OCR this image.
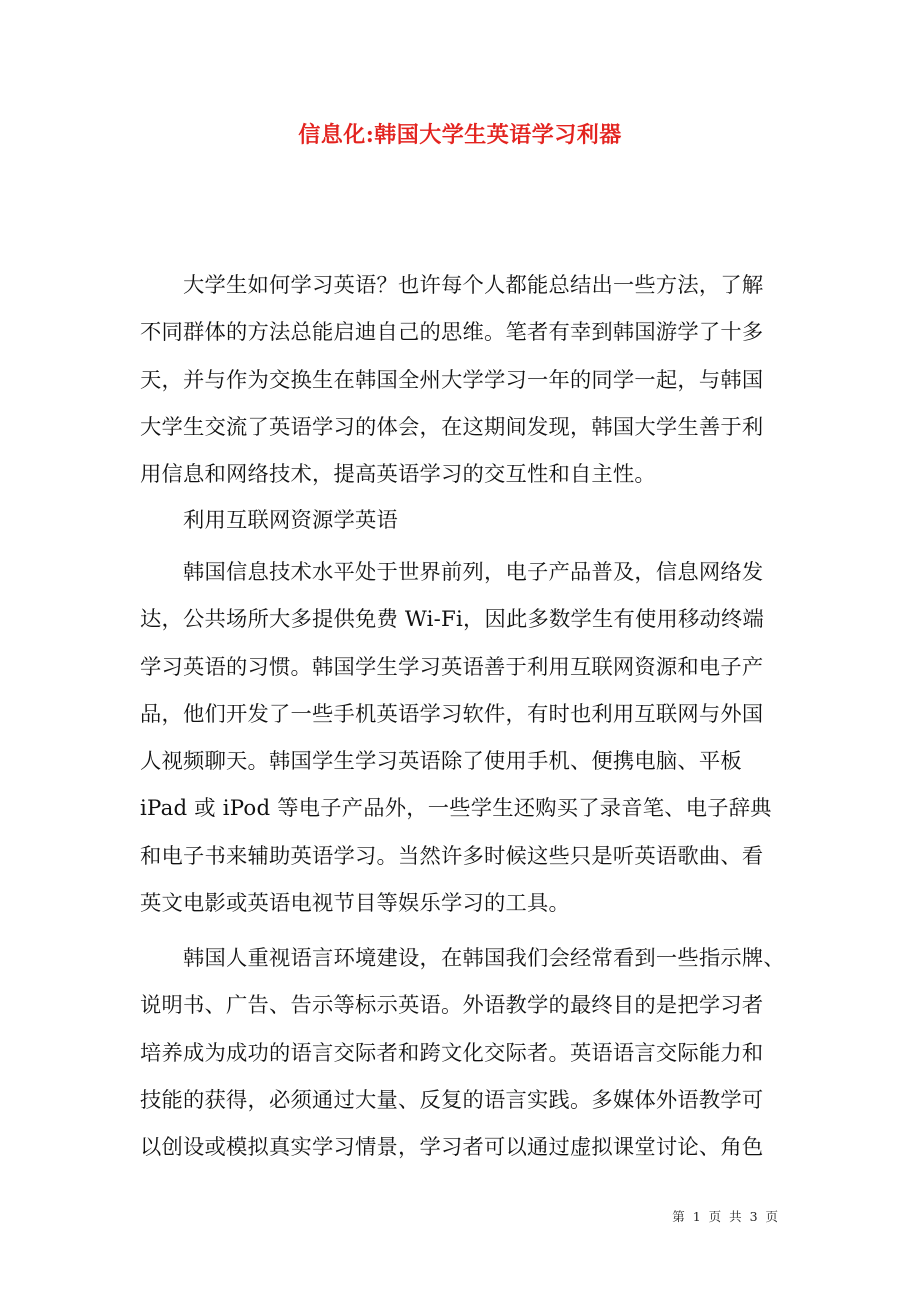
信息化:韩国大学生英语学习利器
大学生如何学习英语？也许每个人都能总结出一些方法，了解
不同群体的方法总能启迪自己的思维。笔者有幸到韩国游学了十多
天，并与作为交换生在韩国全州大学学习一年的同学一起，与韩国
大学生交流了英语学习的体会，在这期间发现，韩国大学生善于利
用信息和网络技术，提高英语学习的交互性和自主性。
利用互联网资源学英语
韩国信息技术水平处于世界前列，电子产品普及，信息网络发
达，公共场所大多提供免费 Wi-Fi，因此多数学生有使用移动终端
学习英语的习惯。韩国学生学习英语善于利用互联网资源和电子产
品，他们开发了一些手机英语学习软件，有时也利用互联网与外国
人视频聊天。韩国学生学习英语除了使用手机、便携电脑、平板
iPad 或 iPod 等电子产品外，一些学生还购买了录音笔、电子辞典
和电子书来辅助英语学习。当然许多时候这些只是听英语歌曲、看
英文电影或英语电视节目等娱乐学习的工具。
韩国人重视语言环境建设，在韩国我们会经常看到一些指示牌、
说明书、广告、告示等标示英语。外语教学的最终目的是把学习者
培养成为成功的语言交际者和跨文化交际者。英语语言交际能力和
技能的获得，必须通过大量、反复的语言实践。多媒体外语教学可
以创设或模拟真实学习情景，学习者可以通过虚拟课堂讨论、角色
第 1 页 共 3 页
